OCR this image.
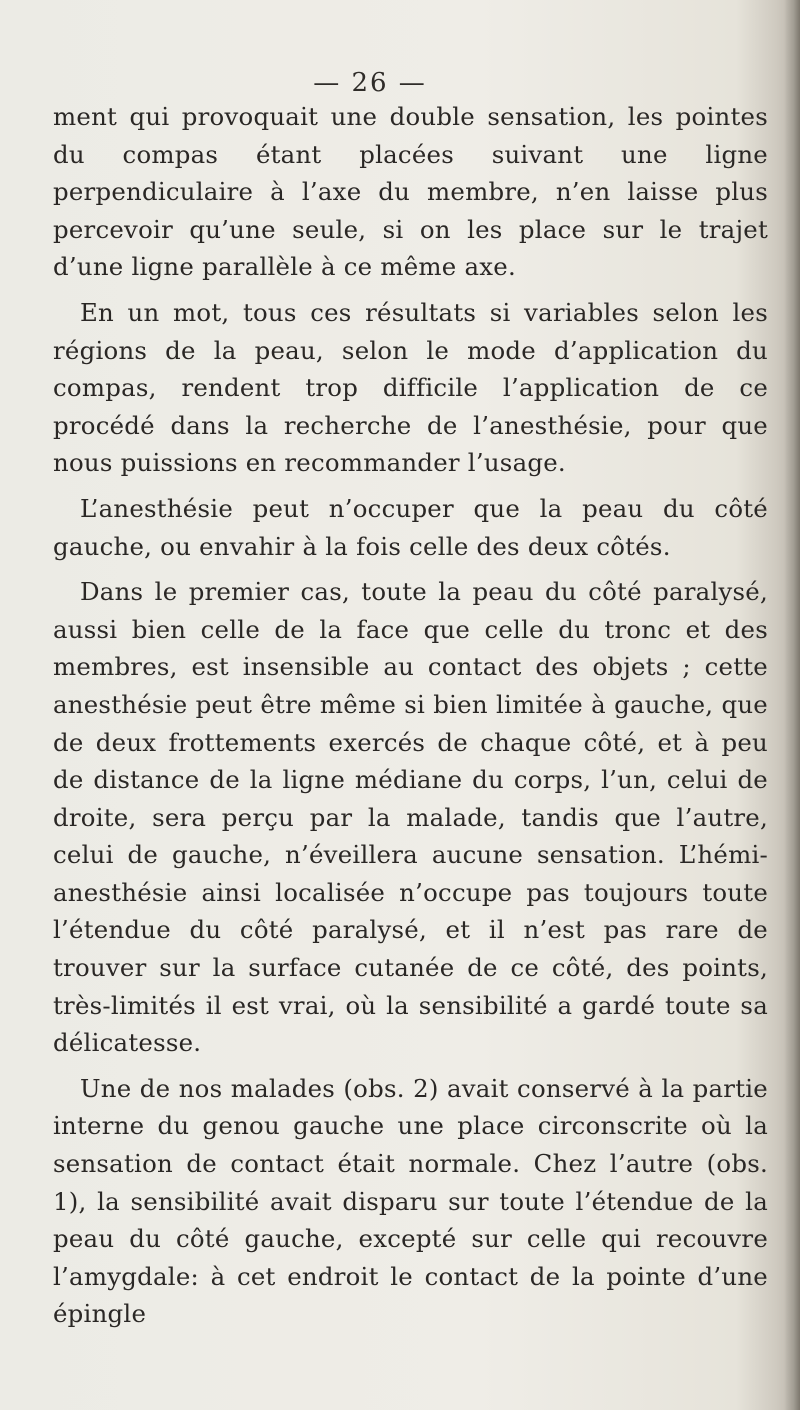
— 26 —

ment qui provoquait une double sensation, les pointes du compas étant placées suivant une ligne perpendiculaire à l’axe du membre, n’en laisse plus percevoir qu’une seule, si on les place sur le trajet d’une ligne parallèle à ce même axe.

En un mot, tous ces résultats si variables selon les régions de la peau, selon le mode d’application du compas, rendent trop difficile l’application de ce procédé dans la recherche de l’anesthésie, pour que nous puissions en recommander l’usage.

L’anesthésie peut n’occuper que la peau du côté gauche, ou envahir à la fois celle des deux côtés.

Dans le premier cas, toute la peau du côté paralysé, aussi bien celle de la face que celle du tronc et des membres, est insensible au contact des objets ; cette anesthésie peut être même si bien limitée à gauche, que de deux frottements exercés de chaque côté, et à peu de distance de la ligne médiane du corps, l’un, celui de droite, sera perçu par la malade, tandis que l’autre, celui de gauche, n’éveillera aucune sensation. L’hémi-anesthésie ainsi localisée n’occupe pas toujours toute l’étendue du côté paralysé, et il n’est pas rare de trouver sur la surface cutanée de ce côté, des points, très-limités il est vrai, où la sensibilité a gardé toute sa délicatesse.

Une de nos malades (obs. 2) avait conservé à la partie interne du genou gauche une place circonscrite où la sensation de contact était normale. Chez l’autre (obs. 1), la sensibilité avait disparu sur toute l’étendue de la peau du côté gauche, excepté sur celle qui recouvre l’amygdale: à cet endroit le contact de la pointe d’une épingle
